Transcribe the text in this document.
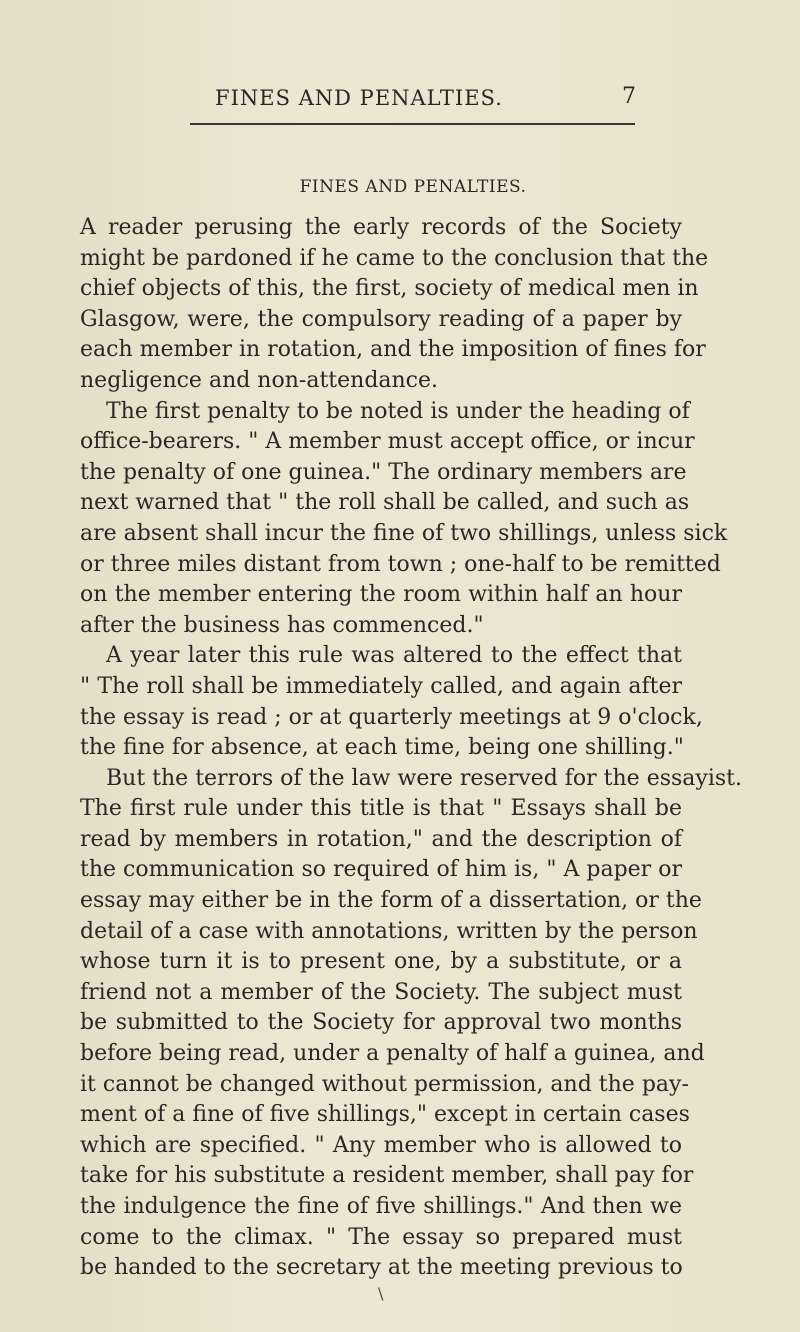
FINES AND PENALTIES.	7
FINES AND PENALTIES.
A reader perusing the early records of the Society
might be pardoned if he came to the conclusion that the
chief objects of this, the first, society of medical men in
Glasgow, were, the compulsory reading of a paper by
each member in rotation, and the imposition of fines for
negligence and non-attendance.
The first penalty to be noted is under the heading of
office-bearers. " A member must accept office, or incur
the penalty of one guinea." The ordinary members are
next warned that " the roll shall be called, and such as
are absent shall incur the fine of two shillings, unless sick
or three miles distant from town ; one-half to be remitted
on the member entering the room within half an hour
after the business has commenced."
A year later this rule was altered to the effect that
" The roll shall be immediately called, and again after
the essay is read ; or at quarterly meetings at 9 o'clock,
the fine for absence, at each time, being one shilling."
But the terrors of the law were reserved for the essayist.
The first rule under this title is that " Essays shall be
read by members in rotation," and the description of
the communication so required of him is, " A paper or
essay may either be in the form of a dissertation, or the
detail of a case with annotations, written by the person
whose turn it is to present one, by a substitute, or a
friend not a member of the Society. The subject must
be submitted to the Society for approval two months
before being read, under a penalty of half a guinea, and
it cannot be changed without permission, and the pay-
ment of a fine of five shillings," except in certain cases
which are specified. " Any member who is allowed to
take for his substitute a resident member, shall pay for
the indulgence the fine of five shillings." And then we
come to the climax. " The essay so prepared must
be handed to the secretary at the meeting previous to
\
